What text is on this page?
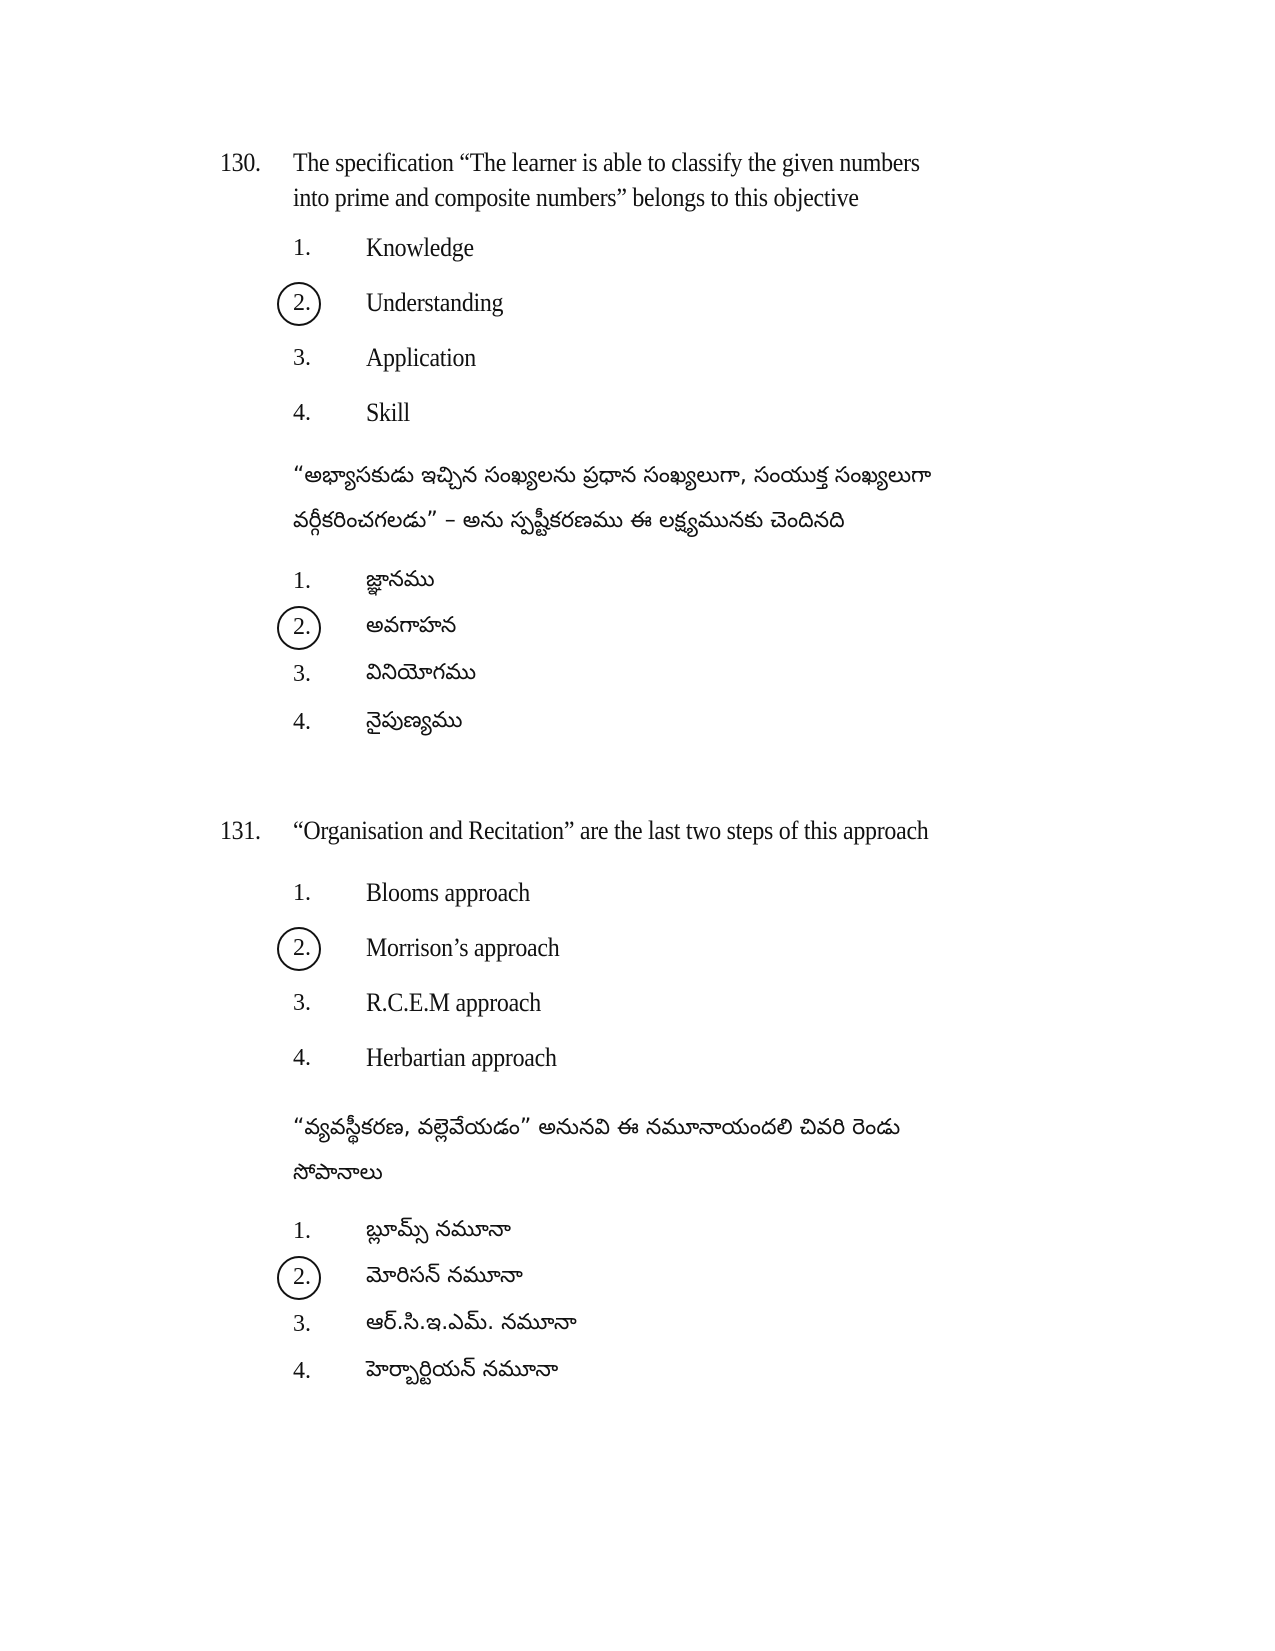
130. The specification “The learner is able to classify the given numbers
into prime and composite numbers” belongs to this objective
1. Knowledge
2. Understanding
3. Application
4. Skill
“అభ్యాసకుడు ఇచ్చిన సంఖ్యలను ప్రధాన సంఖ్యలుగా, సంయుక్త సంఖ్యలుగా
వర్గీకరించగలడు” – అను స్పష్టీకరణము ఈ లక్ష్యమునకు చెందినది
1.	జ్ఞానము
2.	అవగాహన
3.	వినియోగము
4.	నైపుణ్యము
131. “Organisation and Recitation” are the last two steps of this approach
1. Blooms approach
2. Morrison’s approach
3. R.C.E.M approach
4. Herbartian approach
“వ్యవస్థీకరణ, వల్లెవేయడం” అనునవి ఈ నమూనాయందలి చివరి రెండు
సోపానాలు
1.	బ్లూమ్స్ నమూనా
2.	మోరిసన్ నమూనా
3.	ఆర్.సి.ఇ.ఎమ్. నమూనా
4.	హెర్బార్టియన్ నమూనా
